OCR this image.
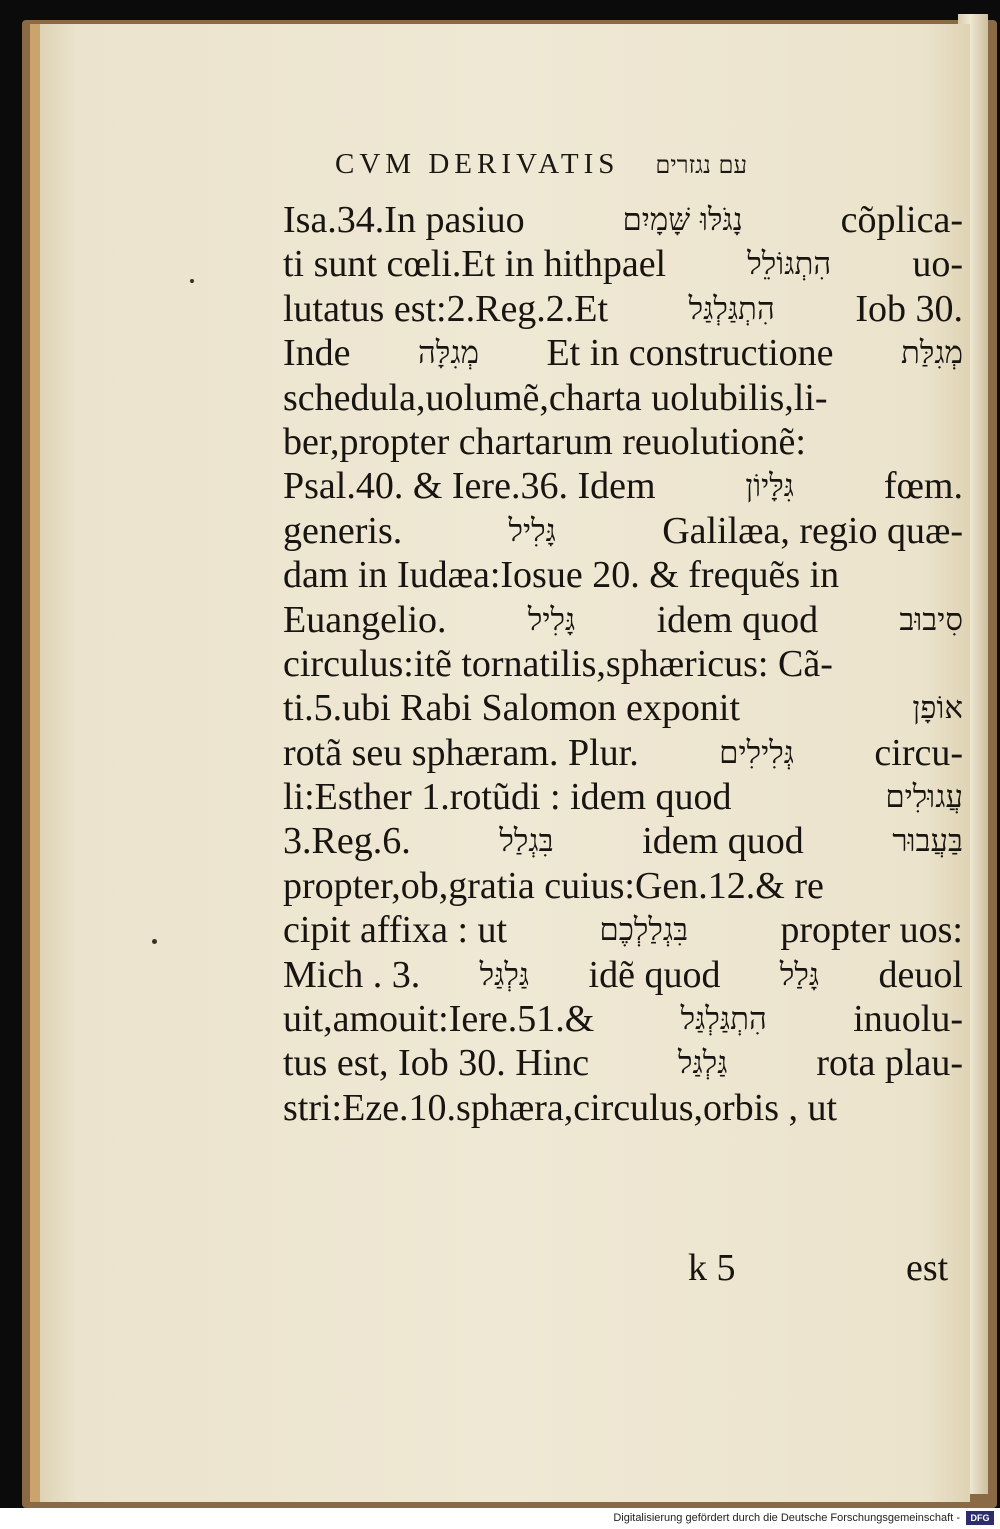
CVM DERIVATIS עם נגזרים
Isa.34.In pasiuo	נָגֹּלּוּ שָּׁמָיִם	cõplica-
ti sunt cœli.Et in hithpael	הִתְגּוֹלֵל uo-
lutatus est:2.Reg.2.Et	הִתְגַּלְגַּל Iob 30.
Inde מְגִלָּה Et in constructione מְגִלַּת
schedula,uolumẽ,charta uolubilis,li-
ber,propter chartarum reuolutionẽ:
Psal.40. & Iere.36. Idem	גִּלָּיוֹן fœm.
generis.	גָּלִיל	Galilæa, regio quæ-
dam in Iudæa:Iosue 20. & frequẽs in
Euangelio.	גָּלִיל idem quod	סִיבוּב
circulus:itẽ tornatilis,sphæricus: Cã-
ti.5.ubi Rabi Salomon exponit	אוֹפָן
rotã seu sphæram. Plur.	גְּלִילִים circu-
li:Esther 1.rotũdi : idem quod	עֲגוּלִים
3.Reg.6.	בִּגְלַל idem quod	בַּעֲבוּר
propter,ob,gratia cuius:Gen.12.& re
cipit affixa : ut	בִּגְלַלְכֶם propter uos:
Mich . 3. גַּלְגַּל idẽ quod גָּלַל deuol
uit,amouit:Iere.51.&	הִתְגַּלְגַּל inuolu-
tus est, Iob 30. Hinc	גַּלְגַּל rota plau-
stri:Eze.10.sphæra,circulus,orbis , ut
k 5	est
Digitalisierung gefördert durch die Deutsche Forschungsgemeinschaft -	DFG
